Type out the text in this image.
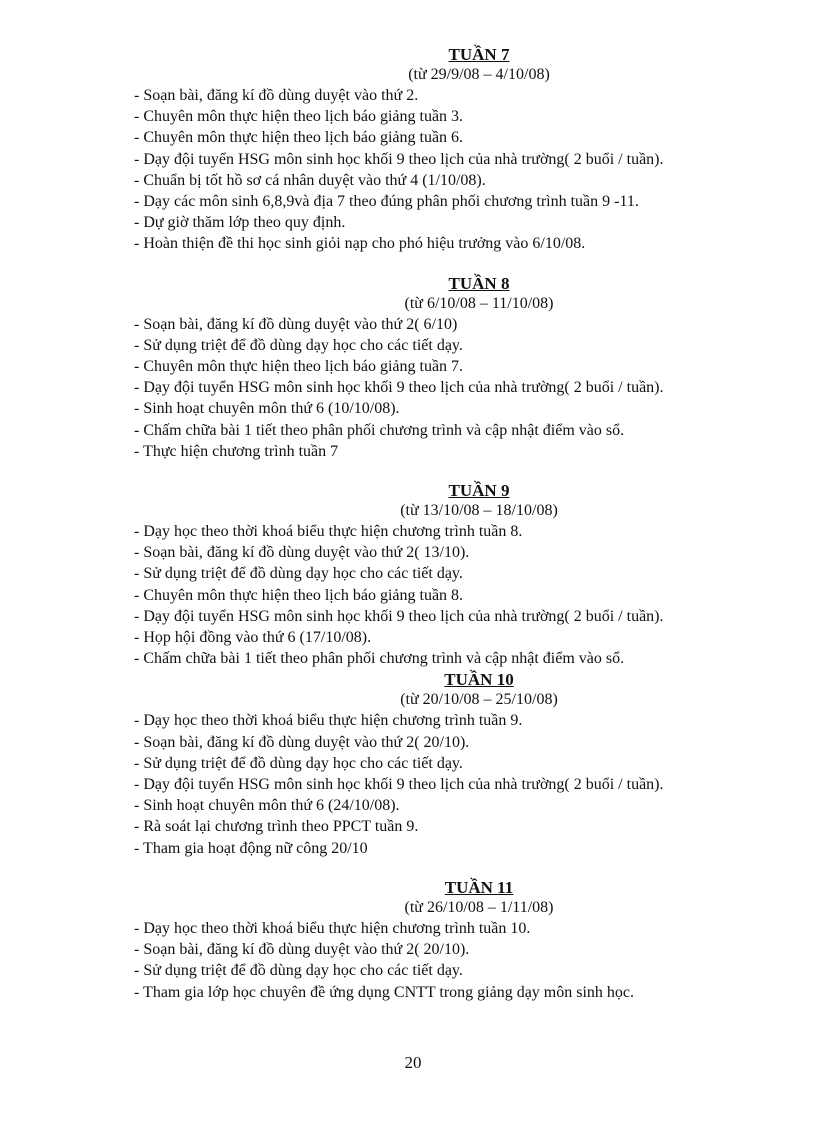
TUẦN 7
(từ 29/9/08 – 4/10/08)
- Soạn bài, đăng kí đồ dùng duyệt vào thứ 2.
- Chuyên môn thực hiện theo lịch báo giảng tuần 3.
- Chuyên môn thực hiện theo lịch báo giảng tuần 6.
- Dạy đội tuyển HSG môn sinh học khối 9 theo lịch của nhà trường( 2 buổi / tuần).
- Chuẩn bị tốt hồ sơ cá nhân duyệt vào thứ 4 (1/10/08).
- Dạy các môn sinh 6,8,9và địa 7 theo đúng phân phối chương trình tuần 9 -11.
- Dự giờ thăm lớp theo quy định.
- Hoàn thiện đề thi học sinh giỏi nạp cho phó hiệu trưởng vào 6/10/08.
TUẦN 8
(từ 6/10/08 – 11/10/08)
- Soạn bài, đăng kí đồ dùng duyệt vào thứ 2( 6/10)
- Sử dụng triệt để đồ dùng dạy học cho các tiết dạy.
- Chuyên môn thực hiện theo lịch báo giảng tuần 7.
- Dạy đội tuyển HSG môn sinh học khối 9 theo lịch của nhà trường( 2 buổi / tuần).
- Sinh hoạt chuyên môn thứ 6 (10/10/08).
- Chấm chữa bài 1 tiết theo phân phối chương trình và cập nhật điểm vào sổ.
- Thực hiện chương trình tuần 7
TUẦN 9
(từ 13/10/08 – 18/10/08)
- Dạy học theo thời khoá biểu thực hiện chương trình tuần 8.
- Soạn bài, đăng kí đồ dùng duyệt vào thứ 2( 13/10).
- Sử dụng triệt để đồ dùng dạy học cho các tiết dạy.
- Chuyên môn thực hiện theo lịch báo giảng tuần 8.
- Dạy đội tuyển HSG môn sinh học khối 9 theo lịch của nhà trường( 2 buổi / tuần).
- Họp hội đồng vào thứ 6 (17/10/08).
- Chấm chữa bài 1 tiết theo phân phối chương trình và cập nhật điểm vào sổ.
TUẦN 10
(từ 20/10/08 – 25/10/08)
- Dạy học theo thời khoá biểu thực hiện chương trình tuần 9.
- Soạn bài, đăng kí đồ dùng duyệt vào thứ 2( 20/10).
- Sử dụng triệt để đồ dùng dạy học cho các tiết dạy.
- Dạy đội tuyển HSG môn sinh học khối 9 theo lịch của nhà trường( 2 buổi / tuần).
- Sinh hoạt chuyên môn thứ 6 (24/10/08).
- Rà soát lại chương trình theo PPCT tuần 9.
- Tham gia hoạt động nữ công 20/10
TUẦN 11
(từ 26/10/08 – 1/11/08)
- Dạy học theo thời khoá biểu thực hiện chương trình tuần 10.
- Soạn bài, đăng kí đồ dùng duyệt vào thứ 2( 20/10).
- Sử dụng triệt để đồ dùng dạy học cho các tiết dạy.
- Tham gia lớp học chuyên đề ứng dụng CNTT trong giảng dạy môn sinh học.
20
